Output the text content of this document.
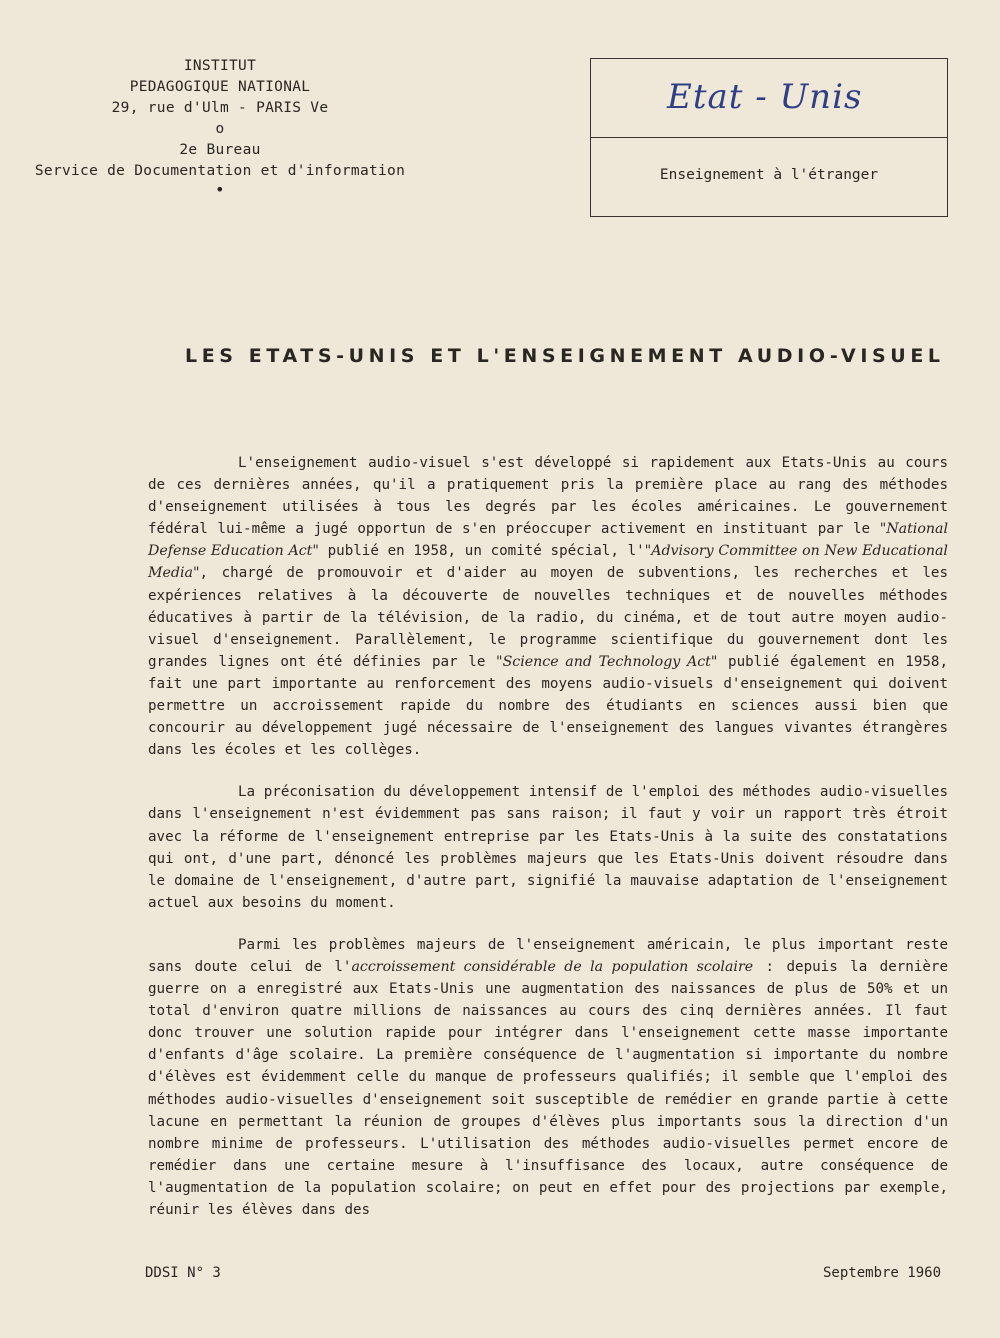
INSTITUT
PEDAGOGIQUE NATIONAL
29, rue d'Ulm - PARIS Ve
o
2e Bureau
Service de Documentation et d'information
•
Etat - Unis
Enseignement à l'étranger
LES ETATS-UNIS ET L'ENSEIGNEMENT AUDIO-VISUEL

L'enseignement audio-visuel s'est développé si rapidement aux Etats-Unis au cours de ces dernières années, qu'il a pratiquement pris la première place au rang des méthodes d'enseignement utilisées à tous les degrés par les écoles américaines. Le gouvernement fédéral lui-même a jugé opportun de s'en préoccuper activement en instituant par le "National Defense Education Act" publié en 1958, un comité spécial, l'"Advisory Committee on New Educational Media", chargé de promouvoir et d'aider au moyen de subventions, les recherches et les expériences relatives à la découverte de nouvelles techniques et de nouvelles méthodes éducatives à partir de la télévision, de la radio, du cinéma, et de tout autre moyen audio-visuel d'enseignement. Parallèlement, le programme scientifique du gouvernement dont les grandes lignes ont été définies par le "Science and Technology Act" publié également en 1958, fait une part importante au renforcement des moyens audio-visuels d'enseignement qui doivent permettre un accroissement rapide du nombre des étudiants en sciences aussi bien que concourir au développement jugé nécessaire de l'enseignement des langues vivantes étrangères dans les écoles et les collèges.

La préconisation du développement intensif de l'emploi des méthodes audio-visuelles dans l'enseignement n'est évidemment pas sans raison; il faut y voir un rapport très étroit avec la réforme de l'enseignement entreprise par les Etats-Unis à la suite des constatations qui ont, d'une part, dénoncé les problèmes majeurs que les Etats-Unis doivent résoudre dans le domaine de l'enseignement, d'autre part, signifié la mauvaise adaptation de l'enseignement actuel aux besoins du moment.

Parmi les problèmes majeurs de l'enseignement américain, le plus important reste sans doute celui de l'accroissement considérable de la population scolaire : depuis la dernière guerre on a enregistré aux Etats-Unis une augmentation des naissances de plus de 50% et un total d'environ quatre millions de naissances au cours des cinq dernières années. Il faut donc trouver une solution rapide pour intégrer dans l'enseignement cette masse importante d'enfants d'âge scolaire. La première conséquence de l'augmentation si importante du nombre d'élèves est évidemment celle du manque de professeurs qualifiés; il semble que l'emploi des méthodes audio-visuelles d'enseignement soit susceptible de remédier en grande partie à cette lacune en permettant la réunion de groupes d'élèves plus importants sous la direction d'un nombre minime de professeurs. L'utilisation des méthodes audio-visuelles permet encore de remédier dans une certaine mesure à l'insuffisance des locaux, autre conséquence de l'augmentation de la population scolaire; on peut en effet pour des projections par exemple, réunir les élèves dans des

DDSI N° 3	Septembre 1960
